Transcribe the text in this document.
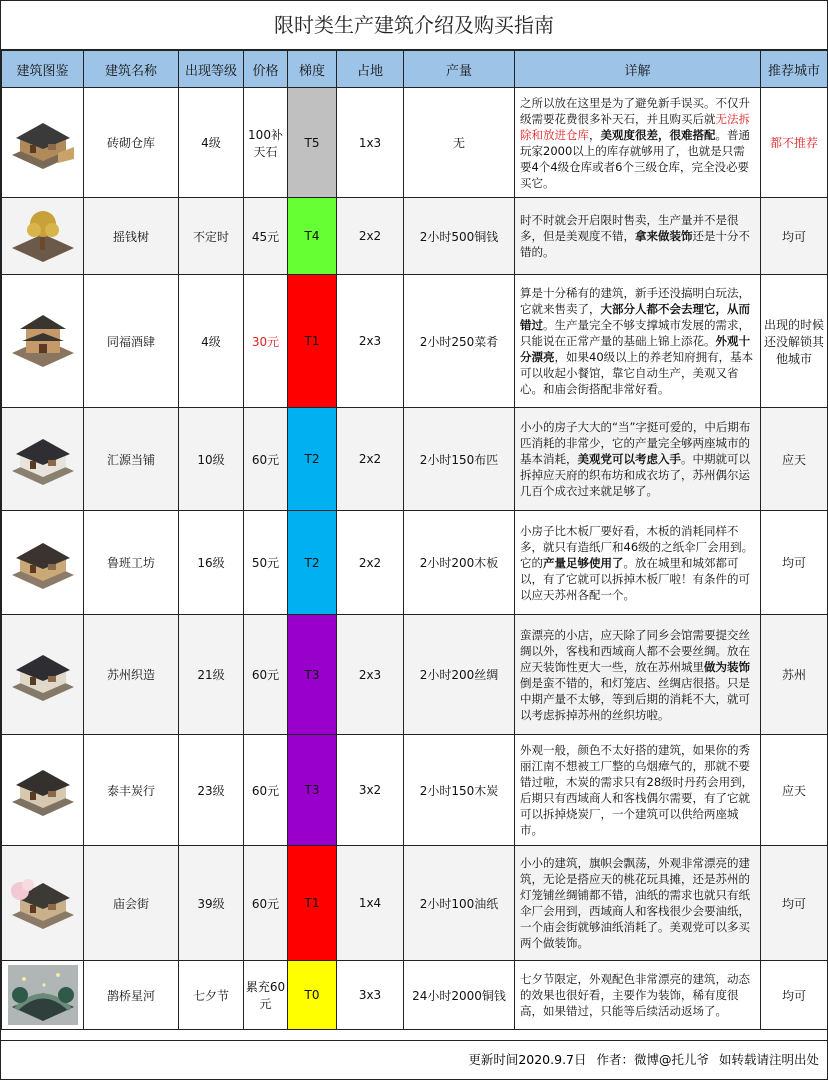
限时类生产建筑介绍及购买指南
建筑图鉴	建筑名称	出现等级	价格	梯度	占地	产量	详解	推荐城市

	砖砌仓库	4级	100补天石	T5	1x3	无	之所以放在这里是为了避免新手误买。不仅升级需要花费很多补天石，并且购买后就无法拆除和放进仓库，美观度很差，很难搭配。普通玩家2000以上的库存就够用了，也就是只需要4个4级仓库或者6个三级仓库，完全没必要买它。	都不推荐

	摇钱树	不定时	45元	T4	2x2	2小时500铜钱	时不时就会开启限时售卖，生产量并不是很多，但是美观度不错，拿来做装饰还是十分不错的。	均可

	同福酒肆	4级	30元	T1	2x3	2小时250菜肴	算是十分稀有的建筑，新手还没搞明白玩法，它就来售卖了，大部分人都不会去理它，从而错过。生产量完全不够支撑城市发展的需求，只能说在正常产量的基础上锦上添花。外观十分漂亮，如果40级以上的养老知府拥有，基本可以收起小餐馆，靠它自动生产，美观又省心。和庙会街搭配非常好看。	出现的时候还没解锁其他城市

	汇源当铺	10级	60元	T2	2x2	2小时150布匹	小小的房子大大的“当”字挺可爱的，中后期布匹消耗的非常少，它的产量完全够两座城市的基本消耗，美观党可以考虑入手。中期就可以拆掉应天府的织布坊和成衣坊了，苏州偶尔运几百个成衣过来就足够了。	应天

	鲁班工坊	16级	50元	T2	2x2	2小时200木板	小房子比木板厂要好看，木板的消耗同样不多，就只有造纸厂和46级的之纸伞厂会用到。它的产量足够使用了。放在城里和城郊都可以，有了它就可以拆掉木板厂啦！有条件的可以应天苏州各配一个。	均可

	苏州织造	21级	60元	T3	2x3	2小时200丝绸	蛮漂亮的小店，应天除了同乡会馆需要提交丝绸以外，客栈和西域商人都不会要丝绸。放在应天装饰性更大一些，放在苏州城里做为装饰倒是蛮不错的，和灯笼店、丝绸店很搭。只是中期产量不太够，等到后期的消耗不大，就可以考虑拆掉苏州的丝织坊啦。	苏州

	泰丰炭行	23级	60元	T3	3x2	2小时150木炭	外观一般，颜色不太好搭的建筑，如果你的秀丽江南不想被工厂整的乌烟瘴气的，那就不要错过啦，木炭的需求只有28级时丹药会用到，后期只有西域商人和客栈偶尔需要，有了它就可以拆掉烧炭厂，一个建筑可以供给两座城市。	应天

	庙会街	39级	60元	T1	1x4	2小时100油纸	小小的建筑，旗帜会飘荡，外观非常漂亮的建筑，无论是搭应天的桃花玩具摊，还是苏州的灯笼铺丝绸铺都不错，油纸的需求也就只有纸伞厂会用到，西域商人和客栈很少会要油纸，一个庙会街就够油纸消耗了。美观党可以多买两个做装饰。	均可

	鹊桥星河	七夕节	累充60元	T0	3x3	24小时2000铜钱	七夕节限定，外观配色非常漂亮的建筑，动态的效果也很好看，主要作为装饰，稀有度很高，如果错过，只能等后续活动返场了。	均可
更新时间2020.9.7日 作者：微博@托儿爷 如转载请注明出处
